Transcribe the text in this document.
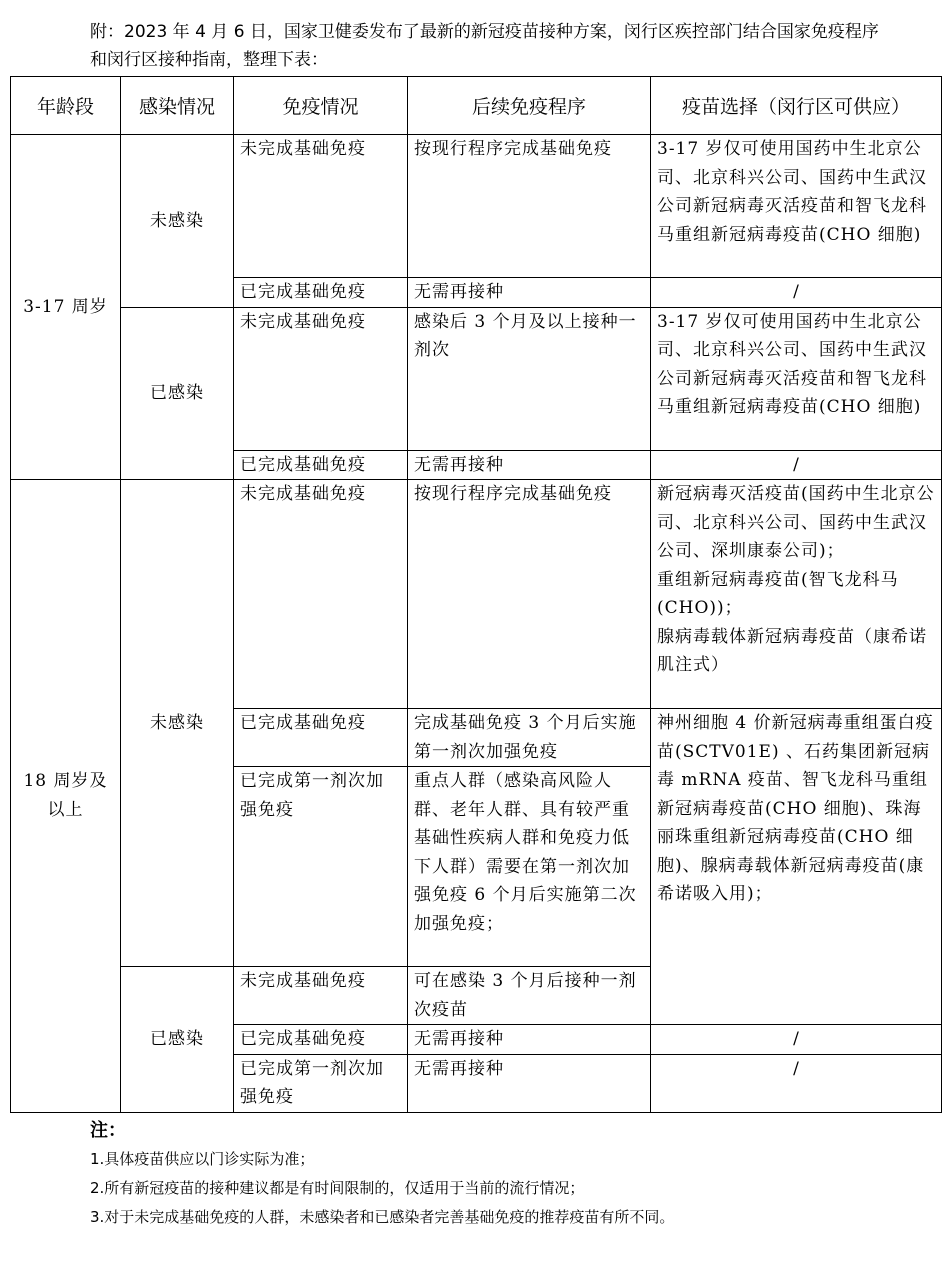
附：2023 年 4 月 6 日，国家卫健委发布了最新的新冠疫苗接种方案，闵行区疾控部门结合国家免疫程序和闵行区接种指南，整理下表：

年龄段	感染情况	免疫情况	后续免疫程序	疫苗选择（闵行区可供应）
3-17 周岁	未感染	未完成基础免疫	按现行程序完成基础免疫	3-17 岁仅可使用国药中生北京公司、北京科兴公司、国药中生武汉公司新冠病毒灭活疫苗和智飞龙科马重组新冠病毒疫苗(CHO 细胞)
		已完成基础免疫	无需再接种	/
	已感染	未完成基础免疫	感染后 3 个月及以上接种一剂次	3-17 岁仅可使用国药中生北京公司、北京科兴公司、国药中生武汉公司新冠病毒灭活疫苗和智飞龙科马重组新冠病毒疫苗(CHO 细胞)
		已完成基础免疫	无需再接种	/
18 周岁及以上	未感染	未完成基础免疫	按现行程序完成基础免疫	新冠病毒灭活疫苗(国药中生北京公司、北京科兴公司、国药中生武汉公司、深圳康泰公司)；
重组新冠病毒疫苗(智飞龙科马(CHO))；
腺病毒载体新冠病毒疫苗（康希诺肌注式）

		已完成基础免疫	完成基础免疫 3 个月后实施第一剂次加强免疫	神州细胞 4 价新冠病毒重组蛋白疫苗(SCTV01E) 、石药集团新冠病毒 mRNA 疫苗、智飞龙科马重组新冠病毒疫苗(CHO 细胞)、珠海丽珠重组新冠病毒疫苗(CHO 细胞)、腺病毒载体新冠病毒疫苗(康希诺吸入用)；
		已完成第一剂次加强免疫	重点人群（感染高风险人群、老年人群、具有较严重基础性疾病人群和免疫力低下人群）需要在第一剂次加强免疫 6 个月后实施第二次加强免疫；	
	已感染	未完成基础免疫	可在感染 3 个月后接种一剂次疫苗	
		已完成基础免疫	无需再接种	/
		已完成第一剂次加强免疫	无需再接种	/
注：
1.具体疫苗供应以门诊实际为准；
2.所有新冠疫苗的接种建议都是有时间限制的，仅适用于当前的流行情况；
3.对于未完成基础免疫的人群，未感染者和已感染者完善基础免疫的推荐疫苗有所不同。
